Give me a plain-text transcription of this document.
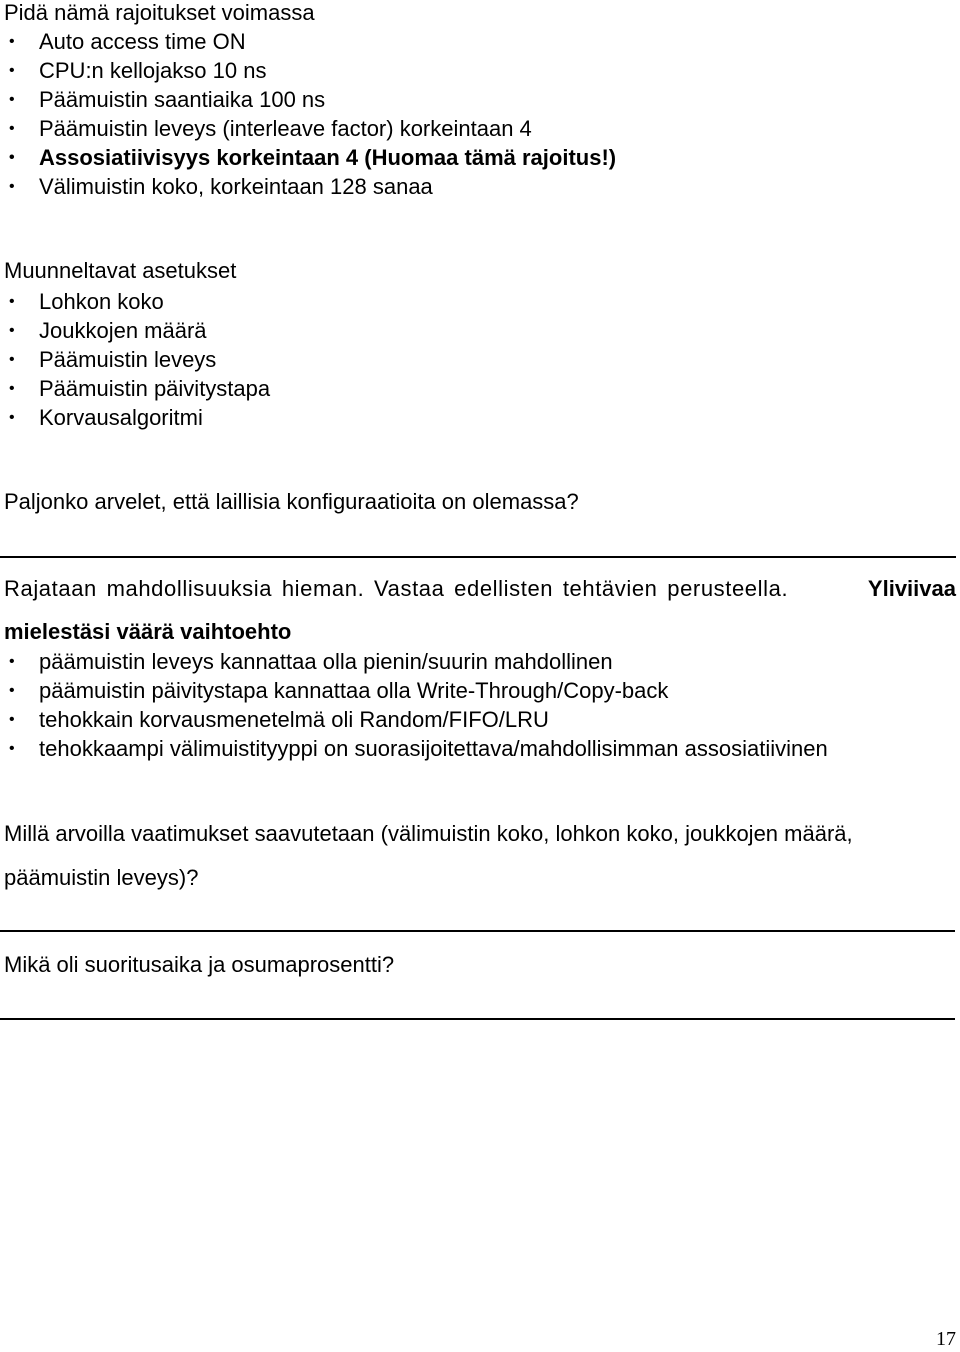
Pidä nämä rajoitukset voimassa

• Auto access time ON
• CPU:n kellojakso 10 ns
• Päämuistin saantiaika 100 ns
• Päämuistin leveys (interleave factor) korkeintaan 4
• Assosiatiivisyys korkeintaan 4 (Huomaa tämä rajoitus!)
• Välimuistin koko, korkeintaan 128 sanaa

Muunneltavat asetukset

• Lohkon koko
• Joukkojen määrä
• Päämuistin leveys
• Päämuistin päivitystapa
• Korvausalgoritmi

Paljonko arvelet, että laillisia konfiguraatioita on olemassa?

Rajataan mahdollisuuksia hieman. Vastaa edellisten tehtävien perusteella.	Yliviivaa

mielestäsi väärä vaihtoehto

• päämuistin leveys kannattaa olla pienin/suurin mahdollinen
• päämuistin päivitystapa kannattaa olla Write-Through/Copy-back
• tehokkain korvausmenetelmä oli Random/FIFO/LRU
• tehokkaampi välimuistityyppi on suorasijoitettava/mahdollisimman assosiatiivinen

Millä arvoilla vaatimukset saavutetaan (välimuistin koko, lohkon koko, joukkojen määrä,

päämuistin leveys)?

Mikä oli suoritusaika ja osumaprosentti?

17
